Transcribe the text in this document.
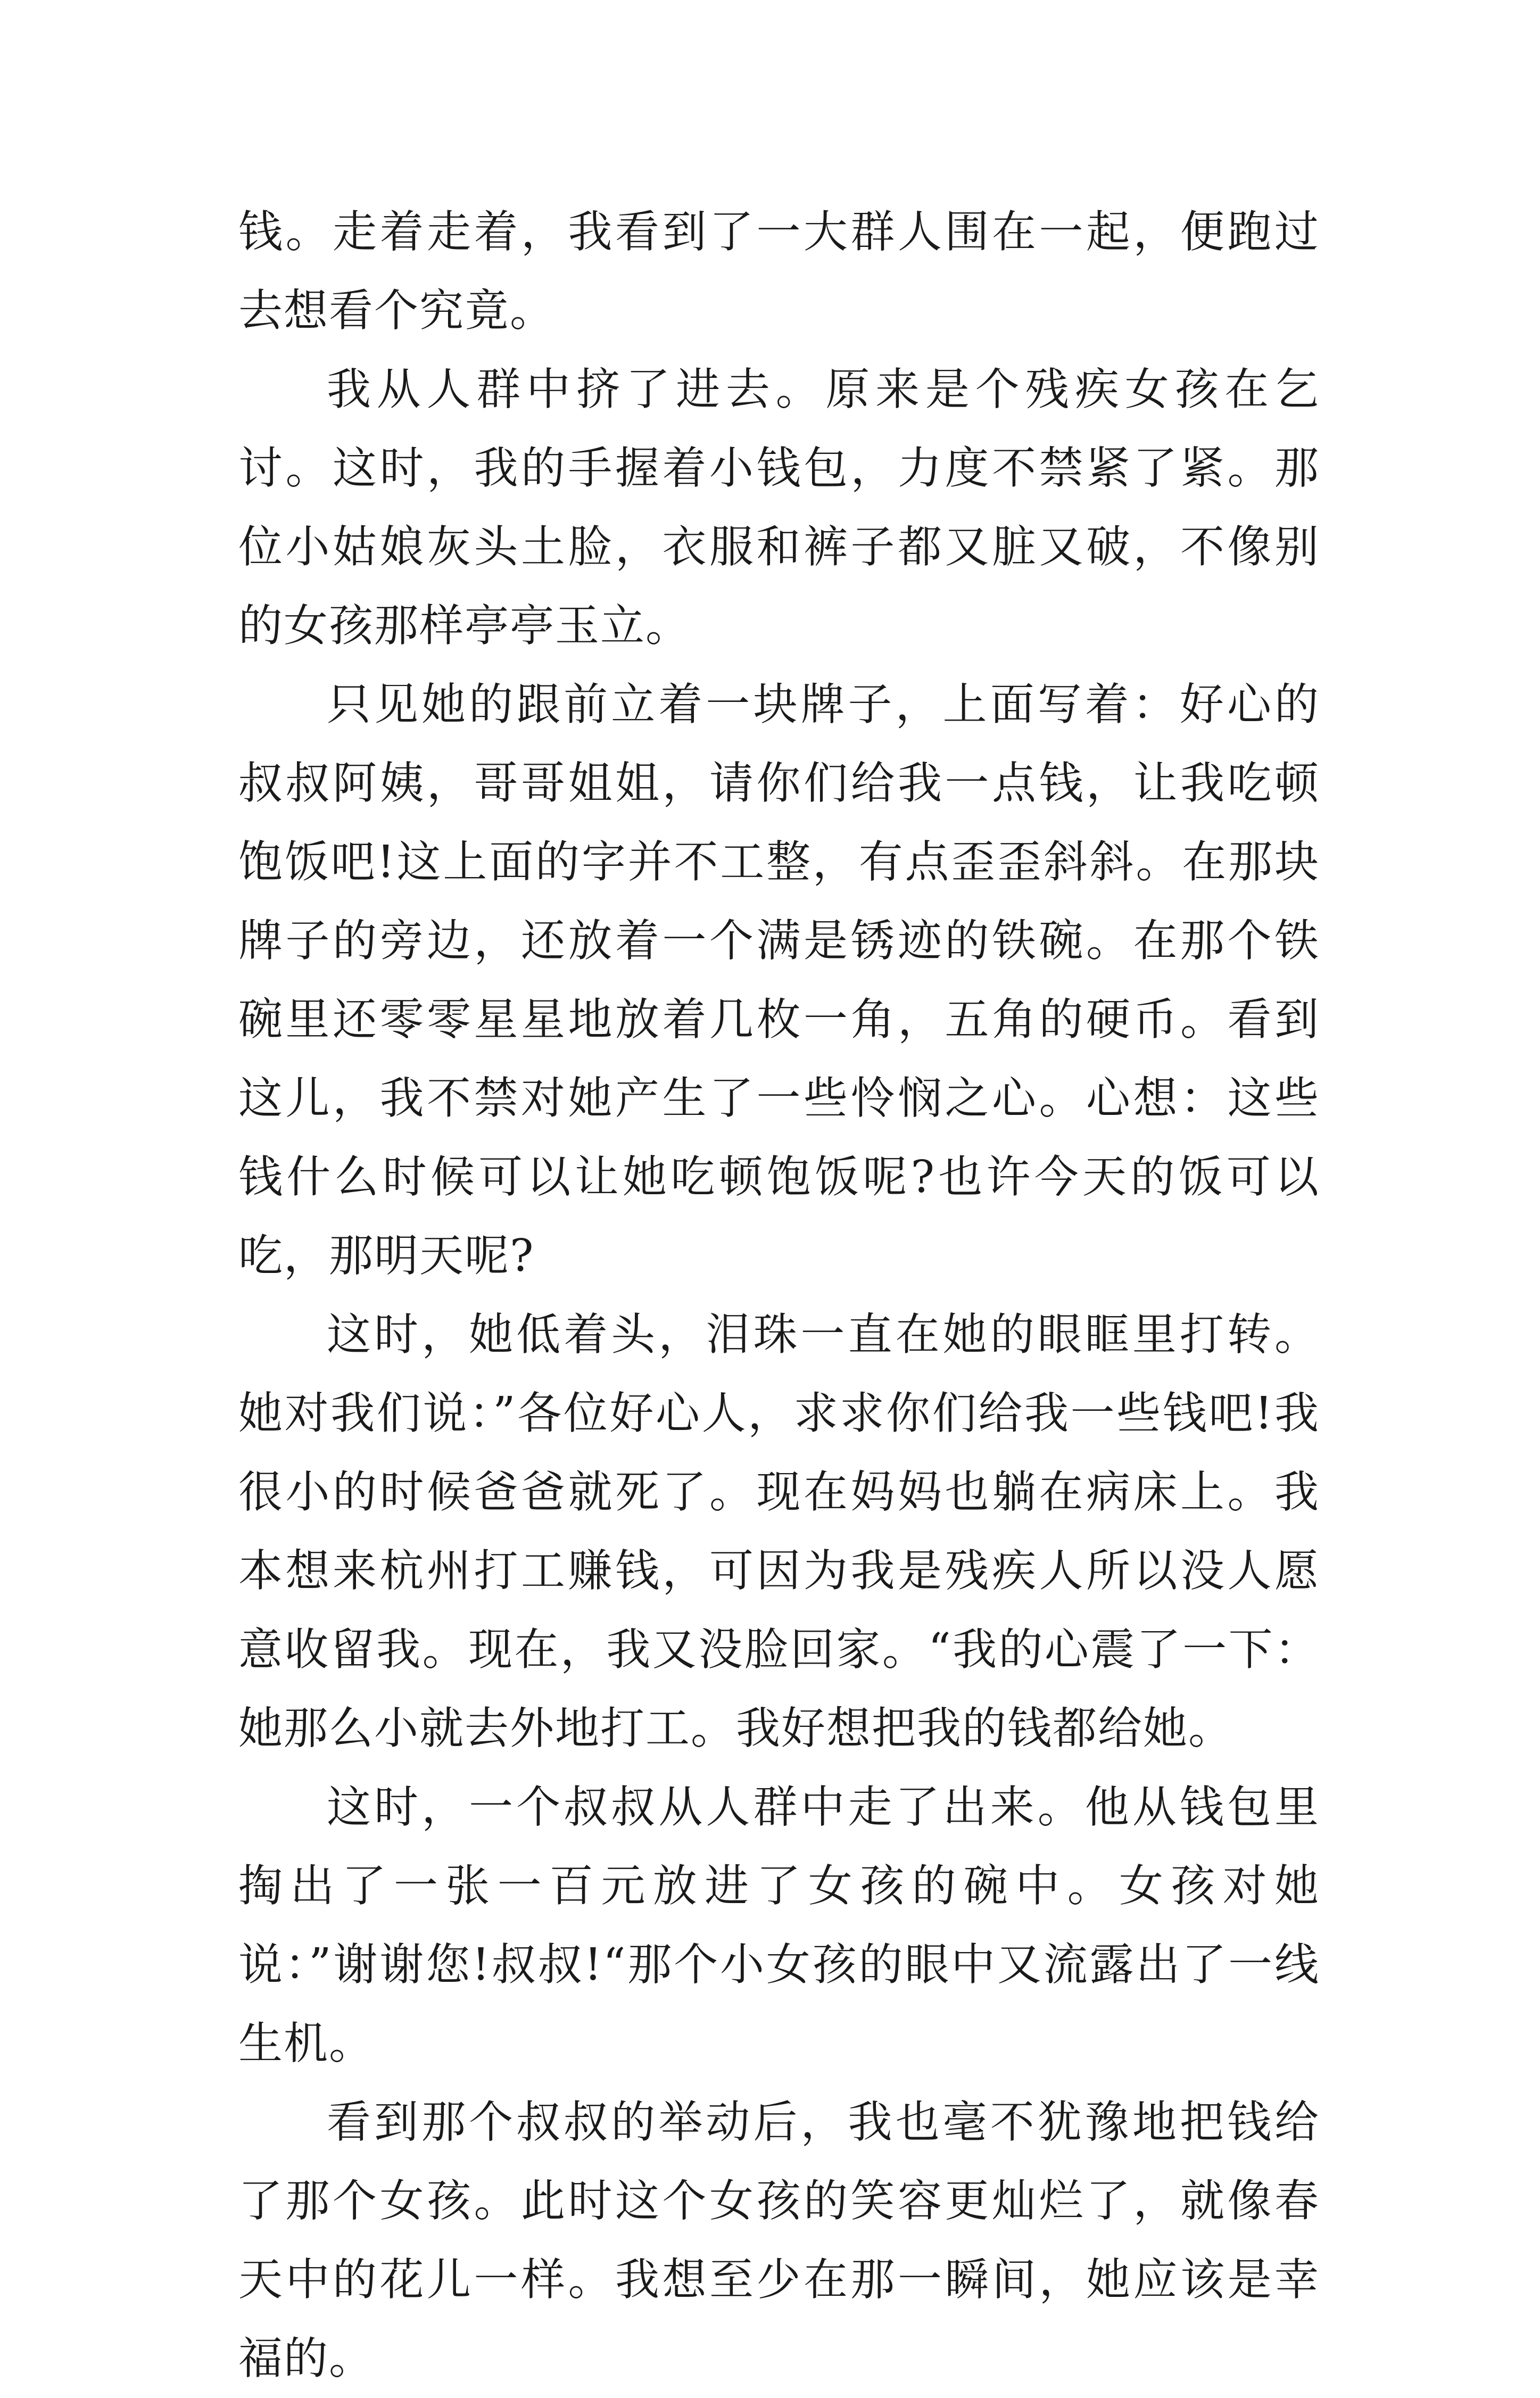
钱。走着走着，我看到了一大群人围在一起，便跑过去想看个究竟。

我从人群中挤了进去。原来是个残疾女孩在乞讨。这时，我的手握着小钱包，力度不禁紧了紧。那位小姑娘灰头土脸，衣服和裤子都又脏又破，不像别的女孩那样亭亭玉立。

只见她的跟前立着一块牌子，上面写着：好心的叔叔阿姨，哥哥姐姐，请你们给我一点钱，让我吃顿饱饭吧!这上面的字并不工整，有点歪歪斜斜。在那块牌子的旁边，还放着一个满是锈迹的铁碗。在那个铁碗里还零零星星地放着几枚一角，五角的硬币。看到这儿，我不禁对她产生了一些怜悯之心。心想：这些钱什么时候可以让她吃顿饱饭呢?也许今天的饭可以吃，那明天呢?

这时，她低着头，泪珠一直在她的眼眶里打转。她对我们说：”各位好心人，求求你们给我一些钱吧!我很小的时候爸爸就死了。现在妈妈也躺在病床上。我本想来杭州打工赚钱，可因为我是残疾人所以没人愿意收留我。现在，我又没脸回家。“我的心震了一下：她那么小就去外地打工。我好想把我的钱都给她。

这时，一个叔叔从人群中走了出来。他从钱包里掏出了一张一百元放进了女孩的碗中。女孩对她说：”谢谢您!叔叔!“那个小女孩的眼中又流露出了一线生机。

看到那个叔叔的举动后，我也毫不犹豫地把钱给了那个女孩。此时这个女孩的笑容更灿烂了，就像春天中的花儿一样。我想至少在那一瞬间，她应该是幸福的。
